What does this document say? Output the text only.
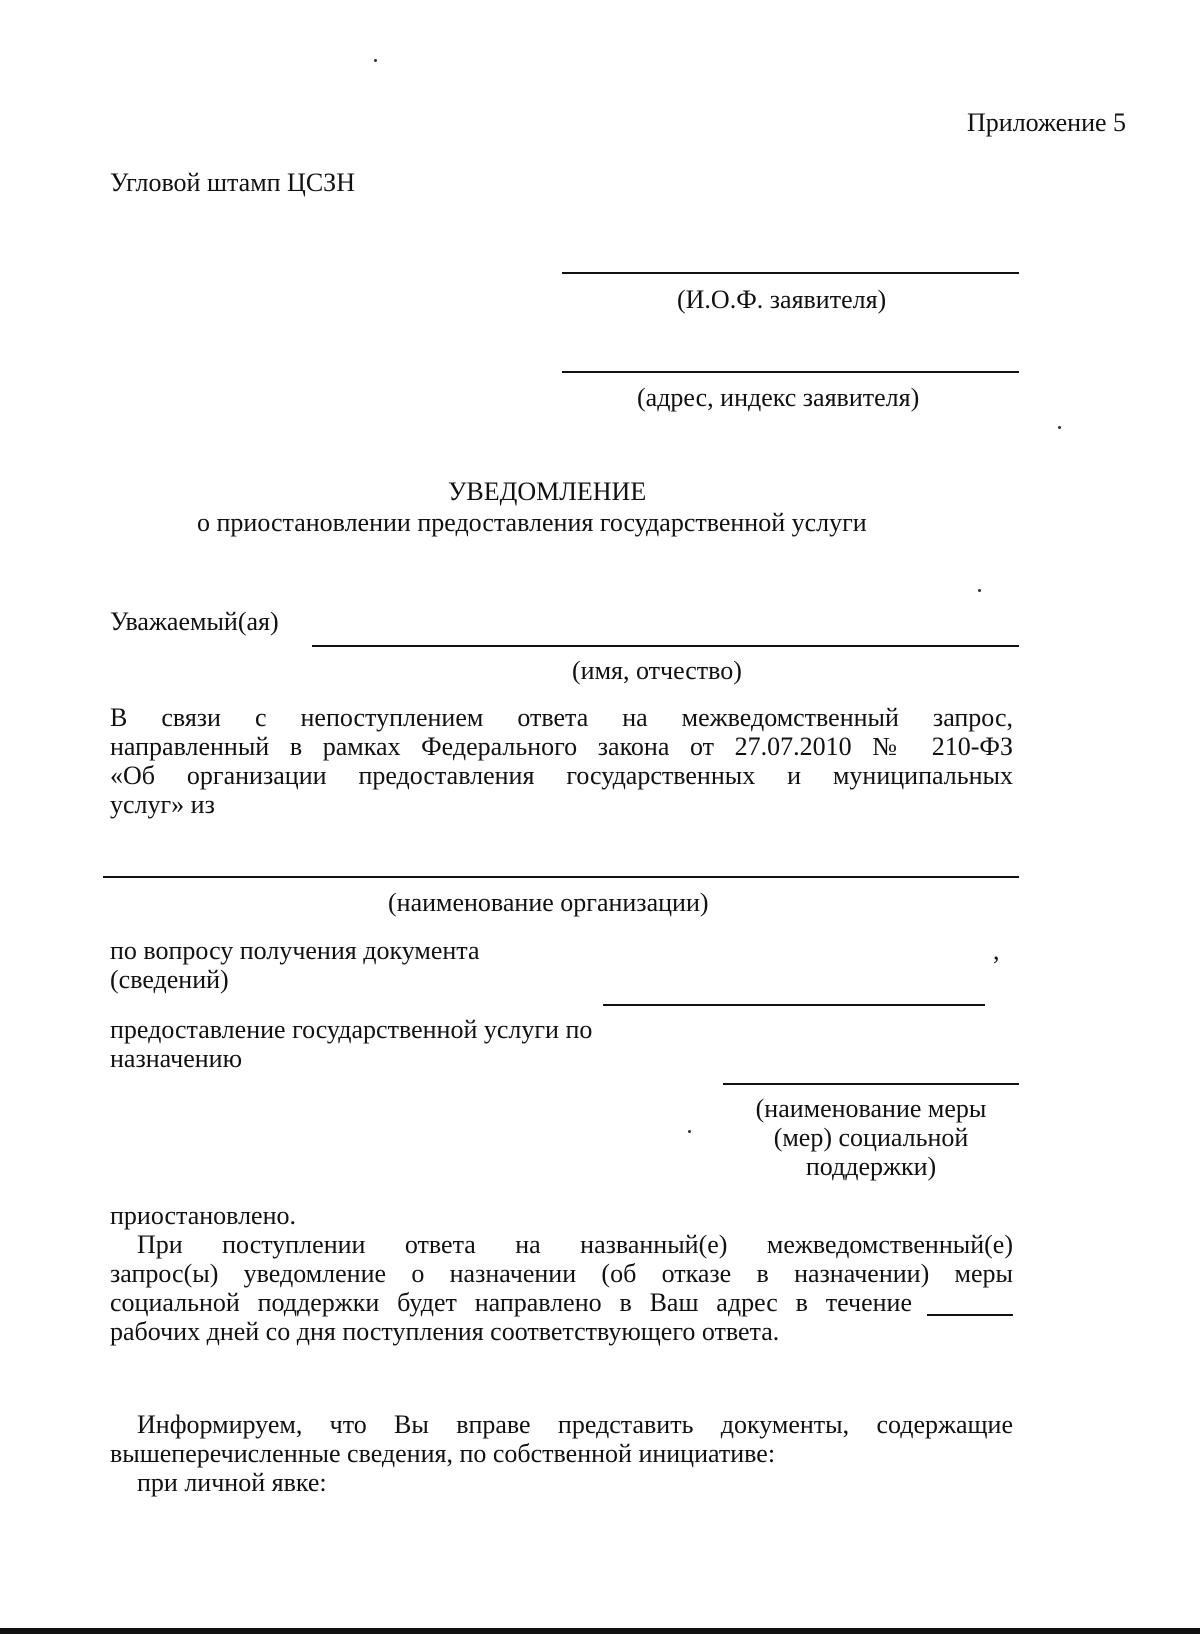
Приложение 5
Угловой штамп ЦСЗН
(И.О.Ф. заявителя)
(адрес, индекс заявителя)
УВЕДОМЛЕНИЕ
о приостановлении предоставления государственной услуги
Уважаемый(ая)
(имя, отчество)
В связи с непоступлением ответа на межведомственный запрос,
направленный в рамках Федерального закона от 27.07.2010 № 210-ФЗ
«Об организации предоставления государственных и муниципальных
услуг» из
(наименование организации)
по вопросу получения документа
(сведений)
,
предоставление государственной услуги по
назначению
(наименование меры
(мер) социальной
поддержки)
приостановлено.
При поступлении ответа на названный(е) межведомственный(е)
запрос(ы) уведомление о назначении (об отказе в назначении) меры
социальной поддержки будет направлено в Ваш адрес в течение
рабочих дней со дня поступления соответствующего ответа.
Информируем, что Вы вправе представить документы, содержащие
вышеперечисленные сведения, по собственной инициативе:
при личной явке:
